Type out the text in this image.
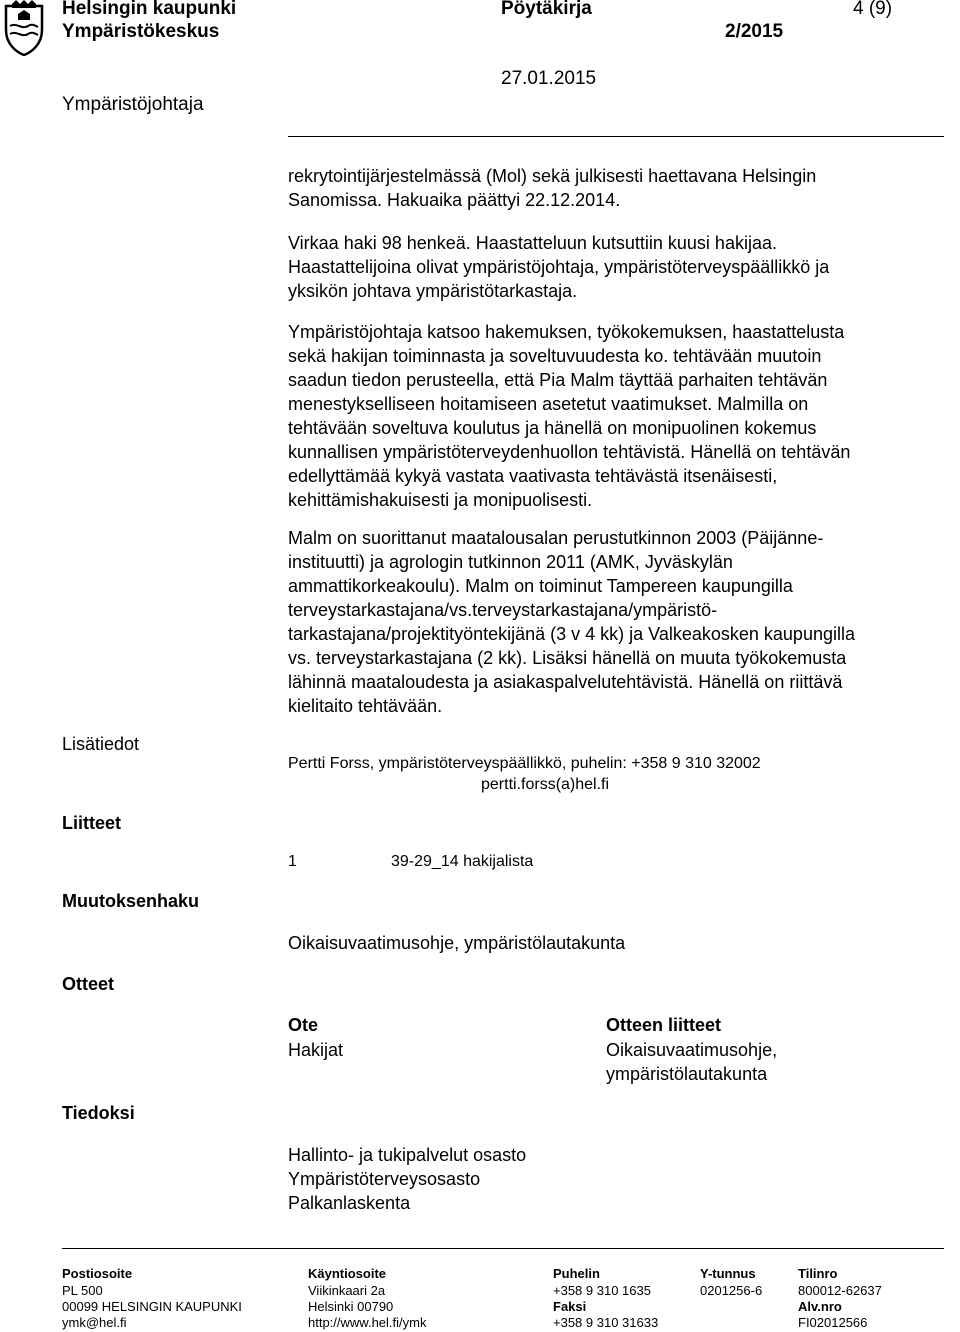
Helsingin kaupunki
Ympäristökeskus
Ympäristöjohtaja
Pöytäkirja
2/2015
27.01.2015
4 (9)
rekrytointijärjestelmässä (Mol) sekä julkisesti haettavana Helsingin
Sanomissa. Hakuaika päättyi 22.12.2014.
Virkaa haki 98 henkeä. Haastatteluun kutsuttiin kuusi hakijaa.
Haastattelijoina olivat ympäristöjohtaja, ympäristöterveyspäällikkö ja
yksikön johtava ympäristötarkastaja.
Ympäristöjohtaja katsoo hakemuksen, työkokemuksen, haastattelusta
sekä hakijan toiminnasta ja soveltuvuudesta ko. tehtävään muutoin
saadun tiedon perusteella, että Pia Malm täyttää parhaiten tehtävän
menestykselliseen hoitamiseen asetetut vaatimukset. Malmilla on
tehtävään soveltuva koulutus ja hänellä on monipuolinen kokemus
kunnallisen ympäristöterveydenhuollon tehtävistä. Hänellä on tehtävän
edellyttämää kykyä vastata vaativasta tehtävästä itsenäisesti,
kehittämishakuisesti ja monipuolisesti.
Malm on suorittanut maatalousalan perustutkinnon 2003 (Päijänne-
instituutti) ja agrologin tutkinnon 2011 (AMK, Jyväskylän
ammattikorkeakoulu). Malm on toiminut Tampereen kaupungilla
terveystarkastajana/vs.terveystarkastajana/ympäristö-
tarkastajana/projektityöntekijänä (3 v 4 kk) ja Valkeakosken kaupungilla
vs. terveystarkastajana (2 kk). Lisäksi hänellä on muuta työkokemusta
lähinnä maataloudesta ja asiakaspalvelutehtävistä. Hänellä on riittävä
kielitaito tehtävään.
Lisätiedot
Pertti Forss, ympäristöterveyspäällikkö, puhelin: +358 9 310 32002
pertti.forss(a)hel.fi
Liitteet
1	39-29_14 hakijalista
Muutoksenhaku
Oikaisuvaatimusohje, ympäristölautakunta
Otteet
Ote
Hakijat
Otteen liitteet
Oikaisuvaatimusohje,
ympäristölautakunta
Tiedoksi
Hallinto- ja tukipalvelut osasto
Ympäristöterveysosasto
Palkanlaskenta
Postiosoite
PL 500
00099 HELSINGIN KAUPUNKI
ymk@hel.fi
Käyntiosoite
Viikinkaari 2a
Helsinki 00790
http://www.hel.fi/ymk
Puhelin
+358 9 310 1635
Faksi
+358 9 310 31633
Y-tunnus
0201256-6
Tilinro
800012-62637
Alv.nro
FI02012566
